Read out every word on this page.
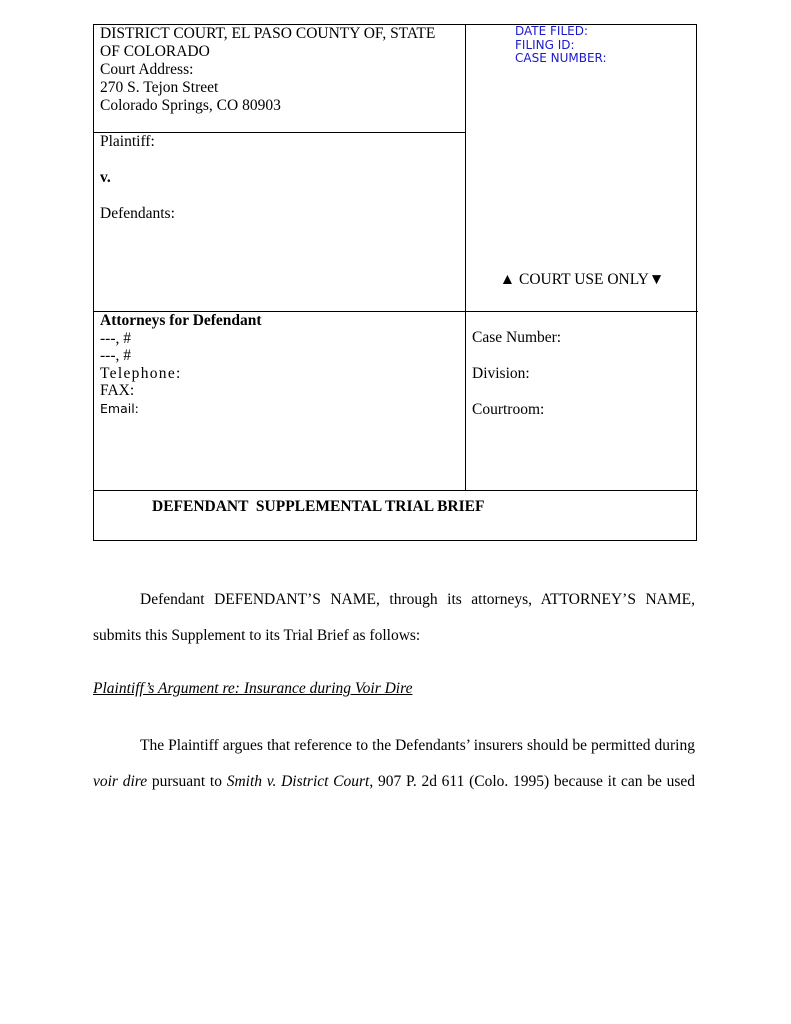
DISTRICT COURT, EL PASO COUNTY OF, STATE
OF COLORADO
Court Address:
270 S. Tejon Street
Colorado Springs, CO 80903
Plaintiff:
v.
Defendants:
DATE FILED:
FILING ID:
CASE NUMBER:
▲ COURT USE ONLY▼
Attorneys for Defendant
---, #
---, #
Telephone:
FAX:
Email:
Case Number:
Division:
Courtroom:
DEFENDANT  SUPPLEMENTAL TRIAL BRIEF
Defendant DEFENDANT’S NAME, through its attorneys, ATTORNEY’S NAME,
submits this Supplement to its Trial Brief as follows:
Plaintiff’s Argument re: Insurance during Voir Dire
The Plaintiff argues that reference to the Defendants’ insurers should be permitted during
voir dire pursuant to Smith v. District Court, 907 P. 2d 611 (Colo. 1995) because it can be used
